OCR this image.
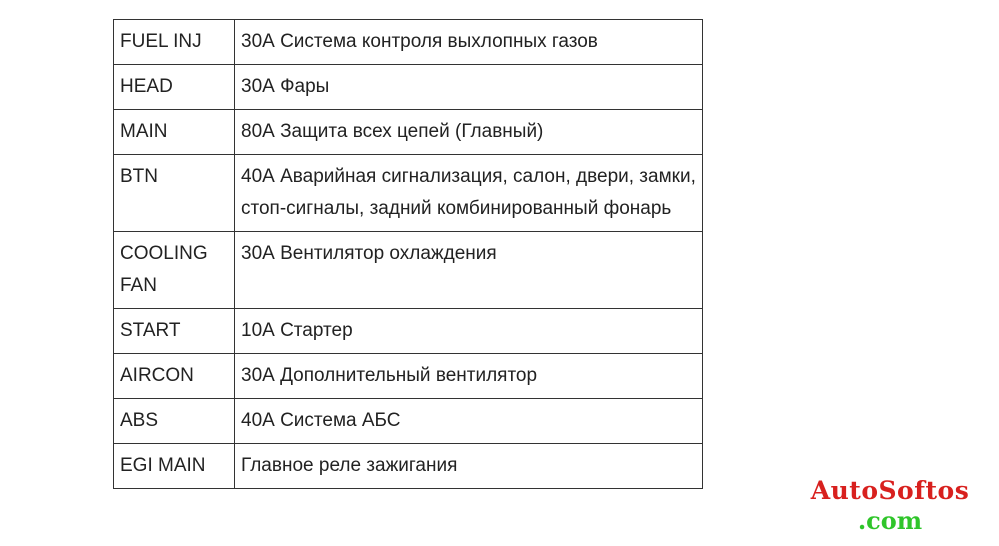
FUEL INJ	30А Система контроля выхлопных газов
HEAD	30А Фары
MAIN	80А Защита всех цепей (Главный)
BTN	40А Аварийная сигнализация, салон, двери, замки, стоп-сигналы, задний комбинированный фонарь
COOLING FAN	30А Вентилятор охлаждения
START	10А Стартер
AIRCON	30А Дополнительный вентилятор
ABS	40А Система АБС
EGI MAIN	Главное реле зажигания
AutoSoftos
.com
